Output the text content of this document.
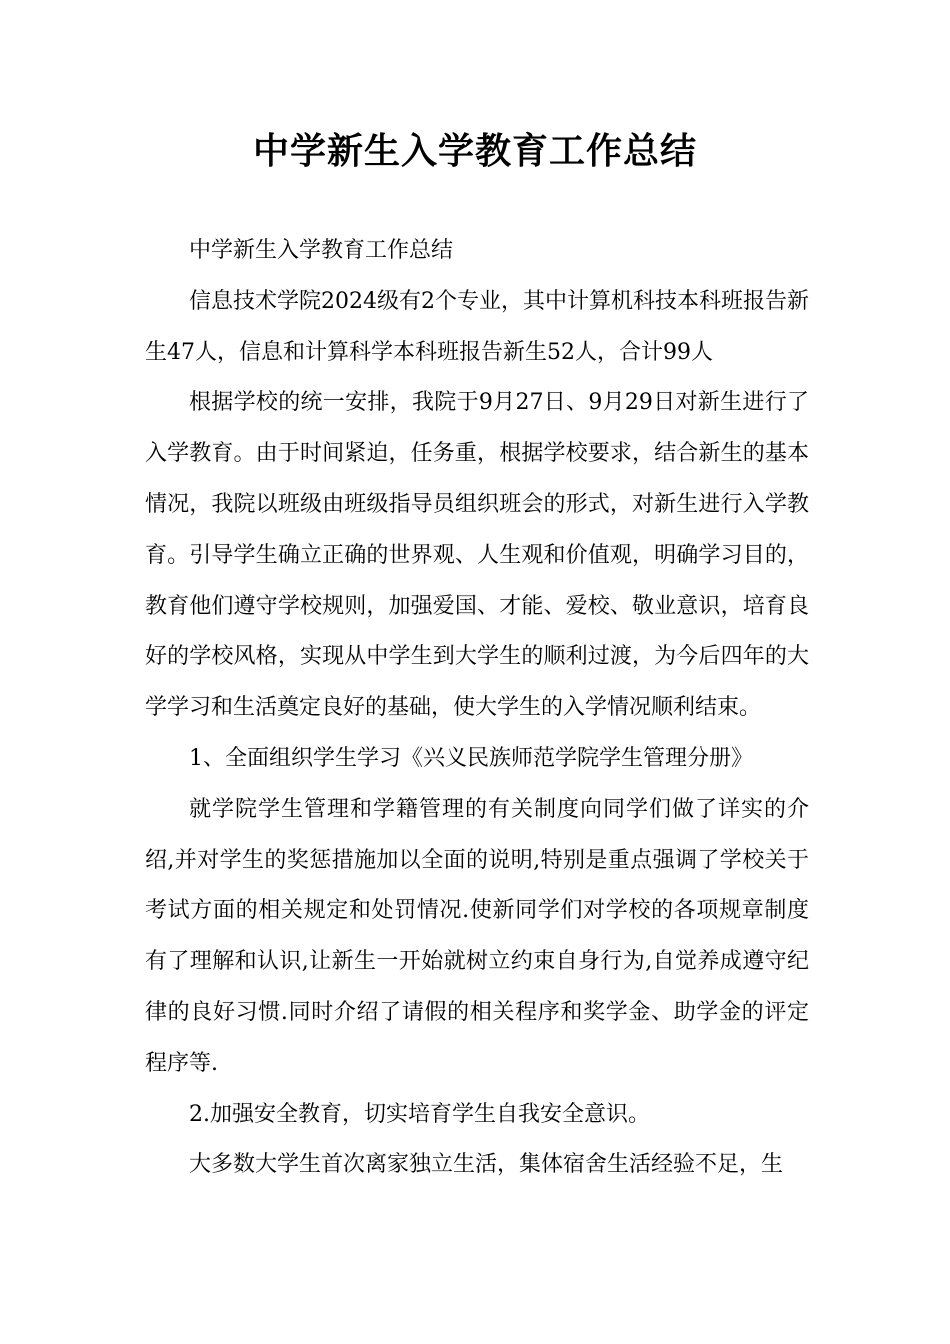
中学新生入学教育工作总结

中学新生入学教育工作总结

信息技术学院2024级有2个专业，其中计算机科技本科班报告新生47人，信息和计算科学本科班报告新生52人，合计99人

根据学校的统一安排，我院于9月27日、9月29日对新生进行了入学教育。由于时间紧迫，任务重，根据学校要求，结合新生的基本情况，我院以班级由班级指导员组织班会的形式，对新生进行入学教育。引导学生确立正确的世界观、人生观和价值观，明确学习目的，教育他们遵守学校规则，加强爱国、才能、爱校、敬业意识，培育良好的学校风格，实现从中学生到大学生的顺利过渡，为今后四年的大学学习和生活奠定良好的基础，使大学生的入学情况顺利结束。

1、全面组织学生学习《兴义民族师范学院学生管理分册》

就学院学生管理和学籍管理的有关制度向同学们做了详实的介绍,并对学生的奖惩措施加以全面的说明,特别是重点强调了学校关于考试方面的相关规定和处罚情况.使新同学们对学校的各项规章制度有了理解和认识,让新生一开始就树立约束自身行为,自觉养成遵守纪律的良好习惯.同时介绍了请假的相关程序和奖学金、助学金的评定程序等.

2.加强安全教育，切实培育学生自我安全意识。

大多数大学生首次离家独立生活，集体宿舍生活经验不足，生
